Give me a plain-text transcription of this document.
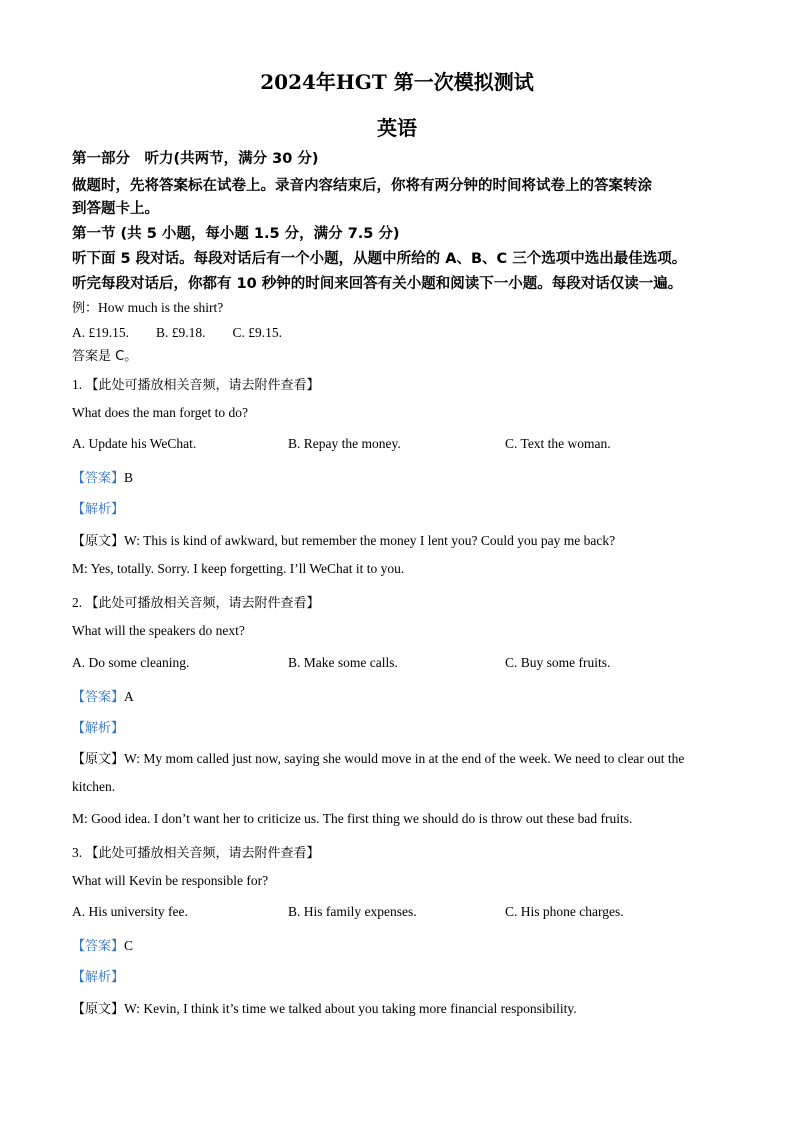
2024年HGT 第一次模拟测试
英语
第一部分　听力(共两节，满分 30 分)
做题时，先将答案标在试卷上。录音内容结束后，你将有两分钟的时间将试卷上的答案转涂
到答题卡上。
第一节 (共 5 小题，每小题 1.5 分，满分 7.5 分)
听下面 5 段对话。每段对话后有一个小题，从题中所给的 A、B、C 三个选项中选出最佳选项。
听完每段对话后，你都有 10 秒钟的时间来回答有关小题和阅读下一小题。每段对话仅读一遍。
例：How much is the shirt?
A. £19.15.　　B. £9.18.　　C. £9.15.
答案是 C。
1. 【此处可播放相关音频，请去附件查看】
What does the man forget to do?
A. Update his WeChat.	B. Repay the money.	C. Text the woman.
【答案】B
【解析】
【原文】W: This is kind of awkward, but remember the money I lent you? Could you pay me back?
M: Yes, totally. Sorry. I keep forgetting. I’ll WeChat it to you.
2. 【此处可播放相关音频，请去附件查看】
What will the speakers do next?
A. Do some cleaning.	B. Make some calls.	C. Buy some fruits.
【答案】A
【解析】
【原文】W: My mom called just now, saying she would move in at the end of the week. We need to clear out the
kitchen.
M: Good idea. I don’t want her to criticize us. The first thing we should do is throw out these bad fruits.
3. 【此处可播放相关音频，请去附件查看】
What will Kevin be responsible for?
A. His university fee.	B. His family expenses.	C. His phone charges.
【答案】C
【解析】
【原文】W: Kevin, I think it’s time we talked about you taking more financial responsibility.
